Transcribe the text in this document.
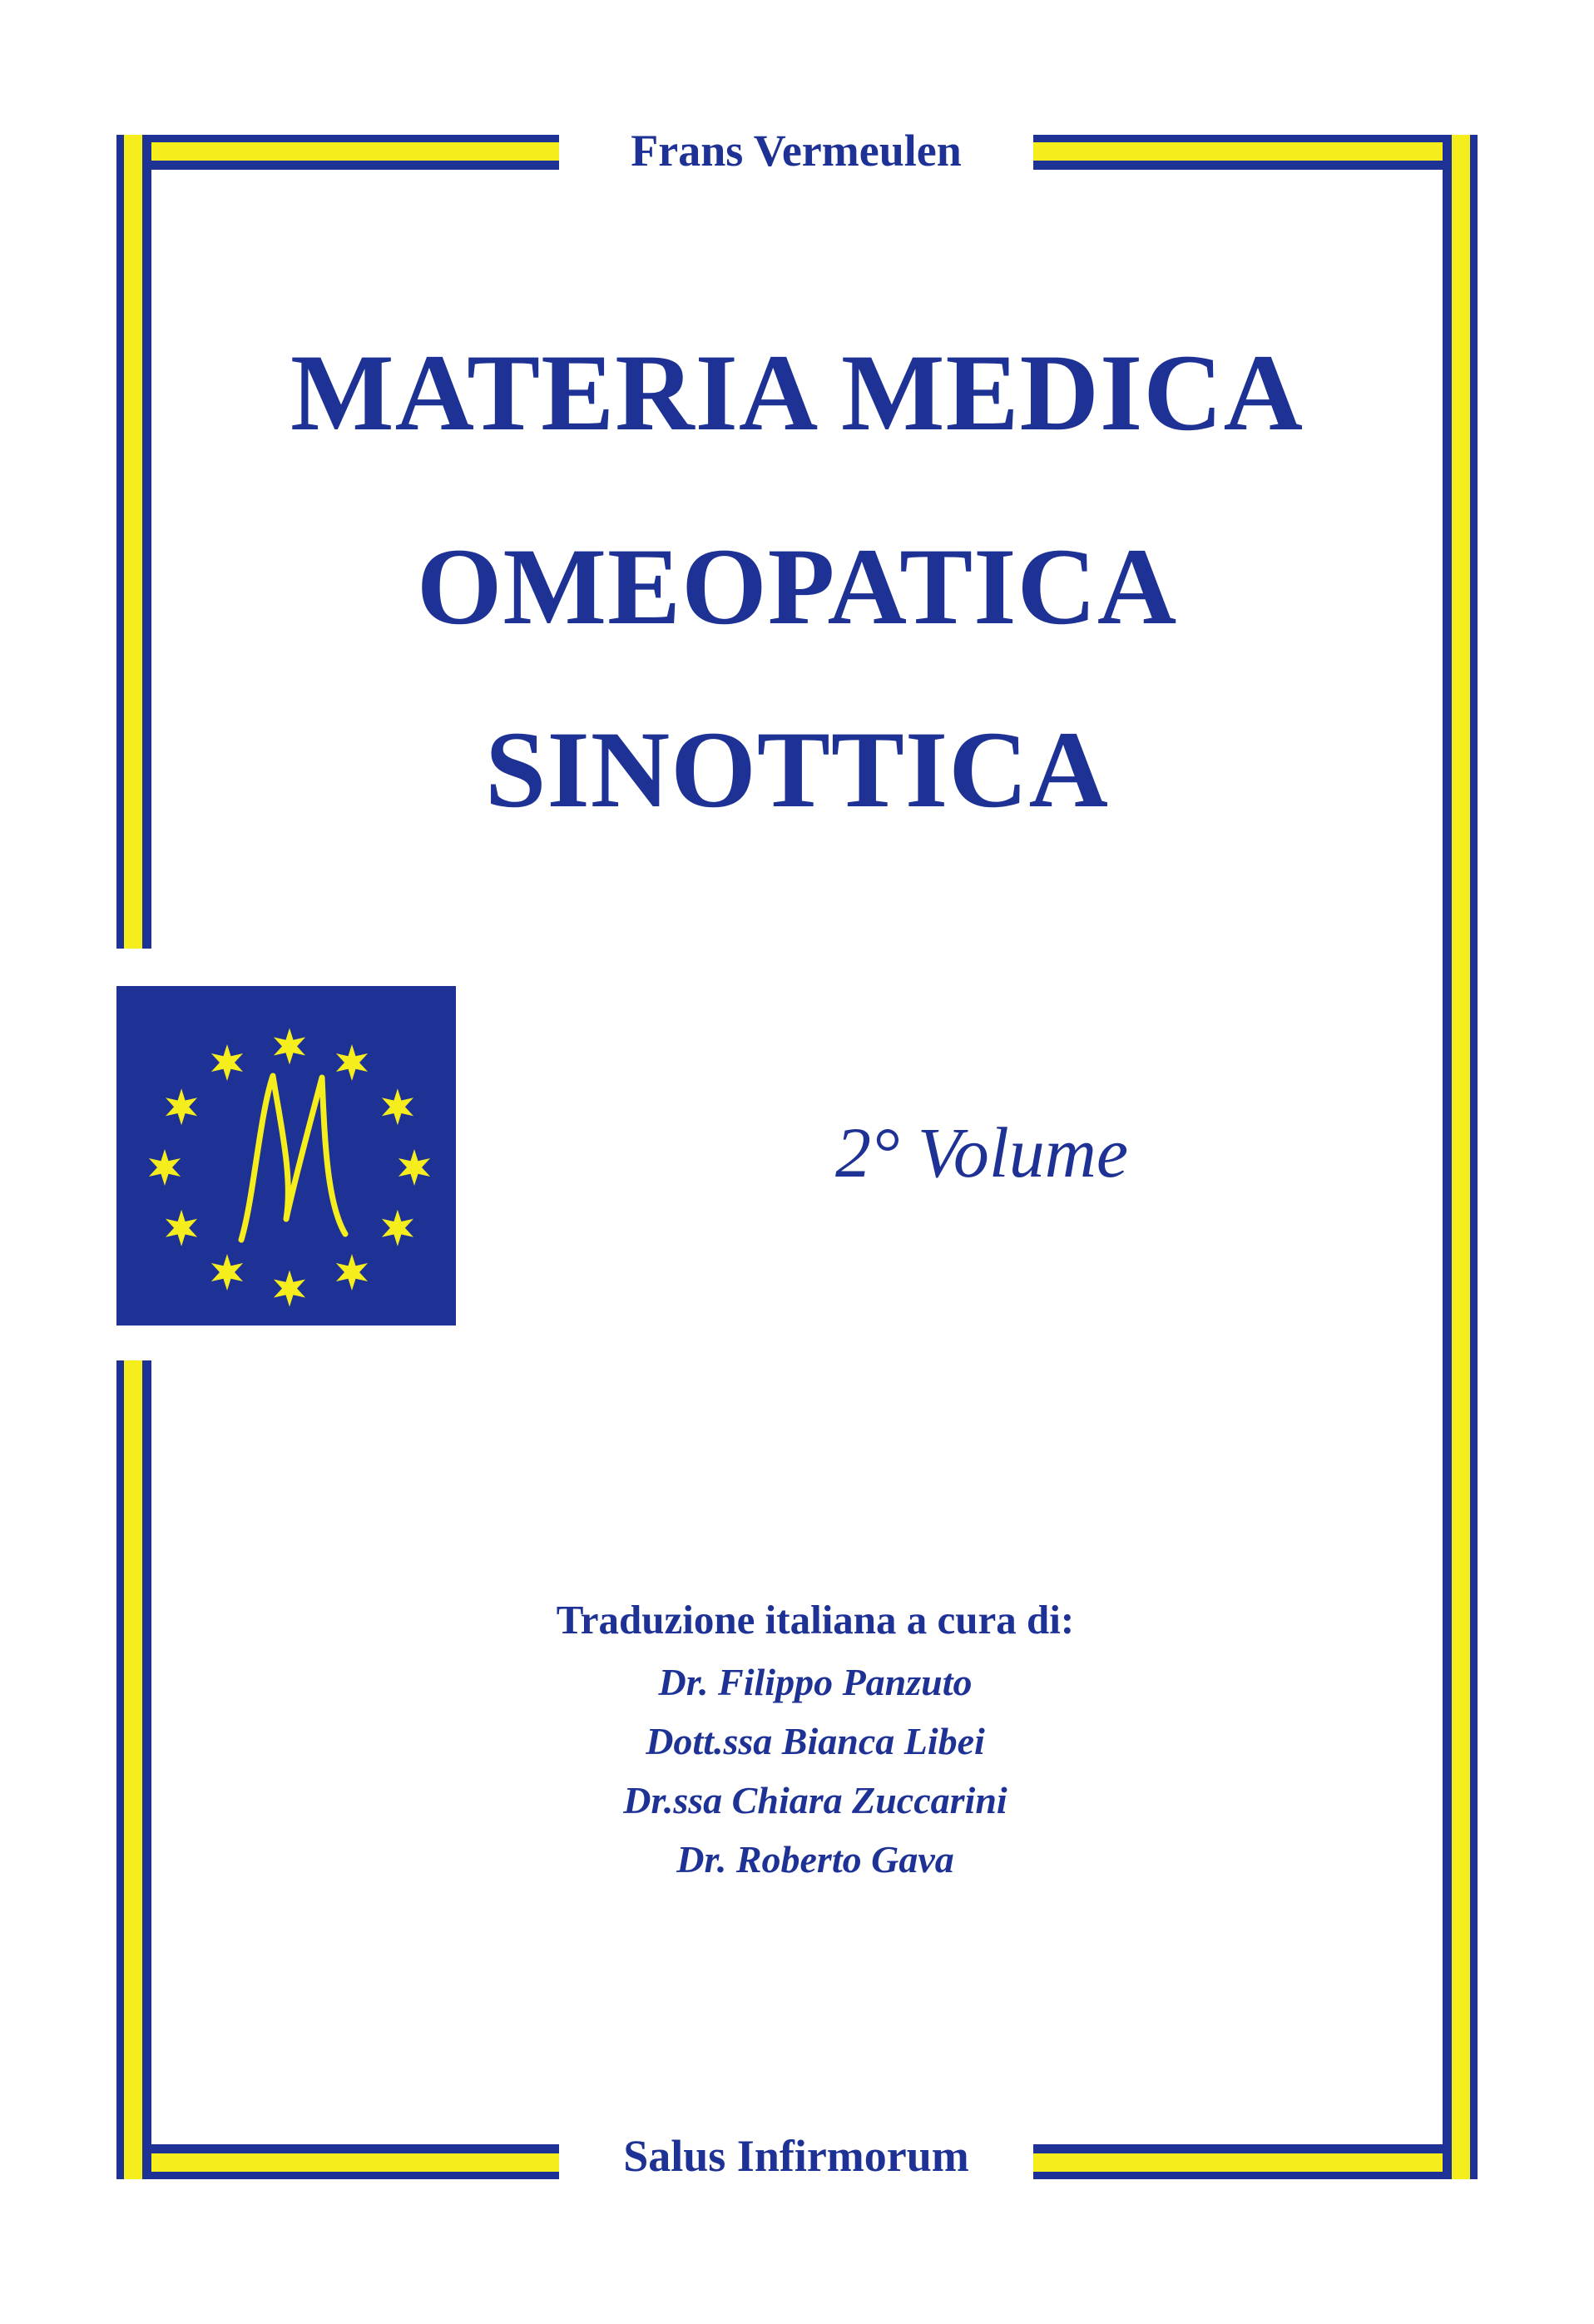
Frans Vermeulen
MATERIA MEDICA
OMEOPATICA
SINOTTICA
2° Volume
Traduzione italiana a cura di:
Dr. Filippo Panzuto
Dott.ssa Bianca Libei
Dr.ssa Chiara Zuccarini
Dr. Roberto Gava
Salus Infirmorum
